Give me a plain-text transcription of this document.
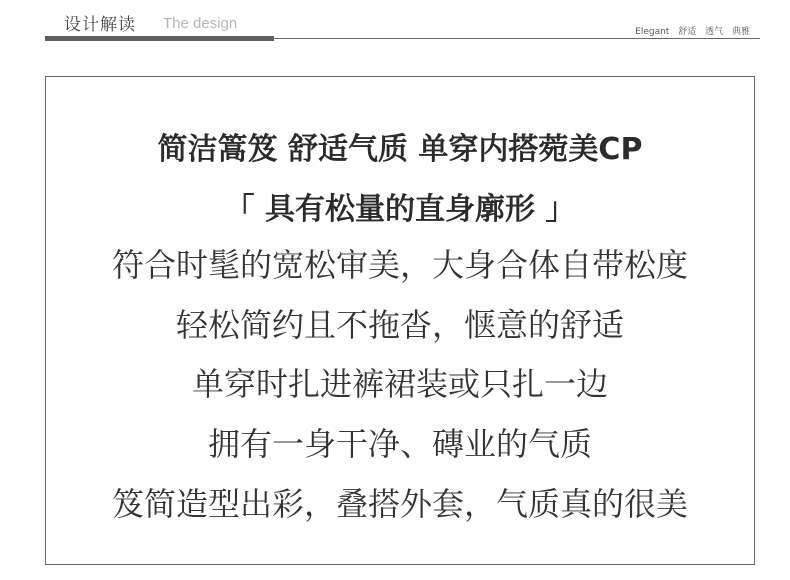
设计解读 The design	Elegant 舒适 透气 典雅
简洁篙笈 舒适气质 单穿内搭菀美CP
「 具有松量的直身廓形 」
符合时髦的宽松审美，大身合体自带松度
轻松简约且不拖沓，惬意的舒适
单穿时扎进裤裙装或只扎一边
拥有一身干净、磚业的气质
笈简造型出彩，叠搭外套，气质真的很美
